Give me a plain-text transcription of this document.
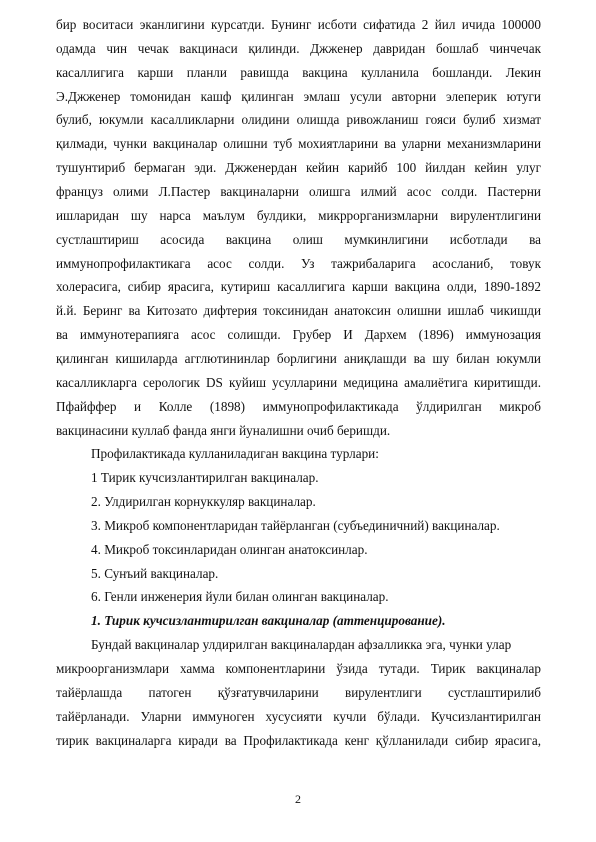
бир воситаси эканлигини курсатди. Бунинг исботи сифатида 2 йил ичида 100000
одамда чин чечак вакцинаси қилинди. Джженер давридан бошлаб чинчечак
касаллигига карши планли равишда вакцина кулланила бошланди. Лекин
Э.Джженер томонидан кашф қилинган эмлаш усули авторни элеперик ютуги
булиб, юкумли касалликларни олидини олишда ривожланиш гояси булиб хизмат
қилмади, чунки вакциналар олишни туб мохиятларини ва уларни механизмларини
тушунтириб бермаган эди. Джженердан кейин карийб 100 йилдан кейин улуг
француз олими Л.Пастер вакциналарни олишга илмий асос солди. Пастерни
ишларидан шу нарса маълум булдики, микррорганизмларни вирулентлигини
сустлаштириш асосида вакцина олиш мумкинлигини исботлади ва
иммунопрофилактикага асос солди. Уз тажрибаларига асосланиб, товук
холерасига, сибир ярасига, кутириш касаллигига карши вакцина олди, 1890-1892
й.й. Беринг ва Китозато дифтерия токсинидан анатоксин олишни ишлаб чикишди
ва иммунотерапияга асос солишди. Грубер И Дархем (1896) иммунозация
қилинган кишиларда агглютининлар борлигини аниқлашди ва шу билан юкумли
касалликларга серологик DS куйиш усулларини медицина амалиётига киритишди.
Пфайффер и Колле (1898) иммунопрофилактикада ўлдирилган микроб
вакцинасини куллаб фанда янги йуналишни очиб беришди.
Профилактикада кулланиладиган вакцина турлари:
1 Тирик кучсизлантирилган вакциналар.
2. Улдирилган корнуккуляр вакциналар.
3. Микроб компонентларидан тайёрланган (субъединичний) вакциналар.
4. Микроб токсинларидан олинган анатоксинлар.
5. Сунъий вакциналар.
6. Генли инженерия йули билан олинган вакциналар.
1. Тирик кучсизлантирилган вакциналар (аттенцирование).
Бундай вакциналар улдирилган вакциналардан афзалликка эга, чунки улар
микроорганизмлари хамма компонентларини ўзида тутади. Тирик вакциналар
тайёрлашда патоген қўзғатувчиларини вирулентлиги сустлаштирилиб
тайёрланади. Уларни иммуноген хусусияти кучли бўлади. Кучсизлантирилган
тирик вакциналарга киради ва Профилактикада кенг қўлланилади сибир ярасига,
2
